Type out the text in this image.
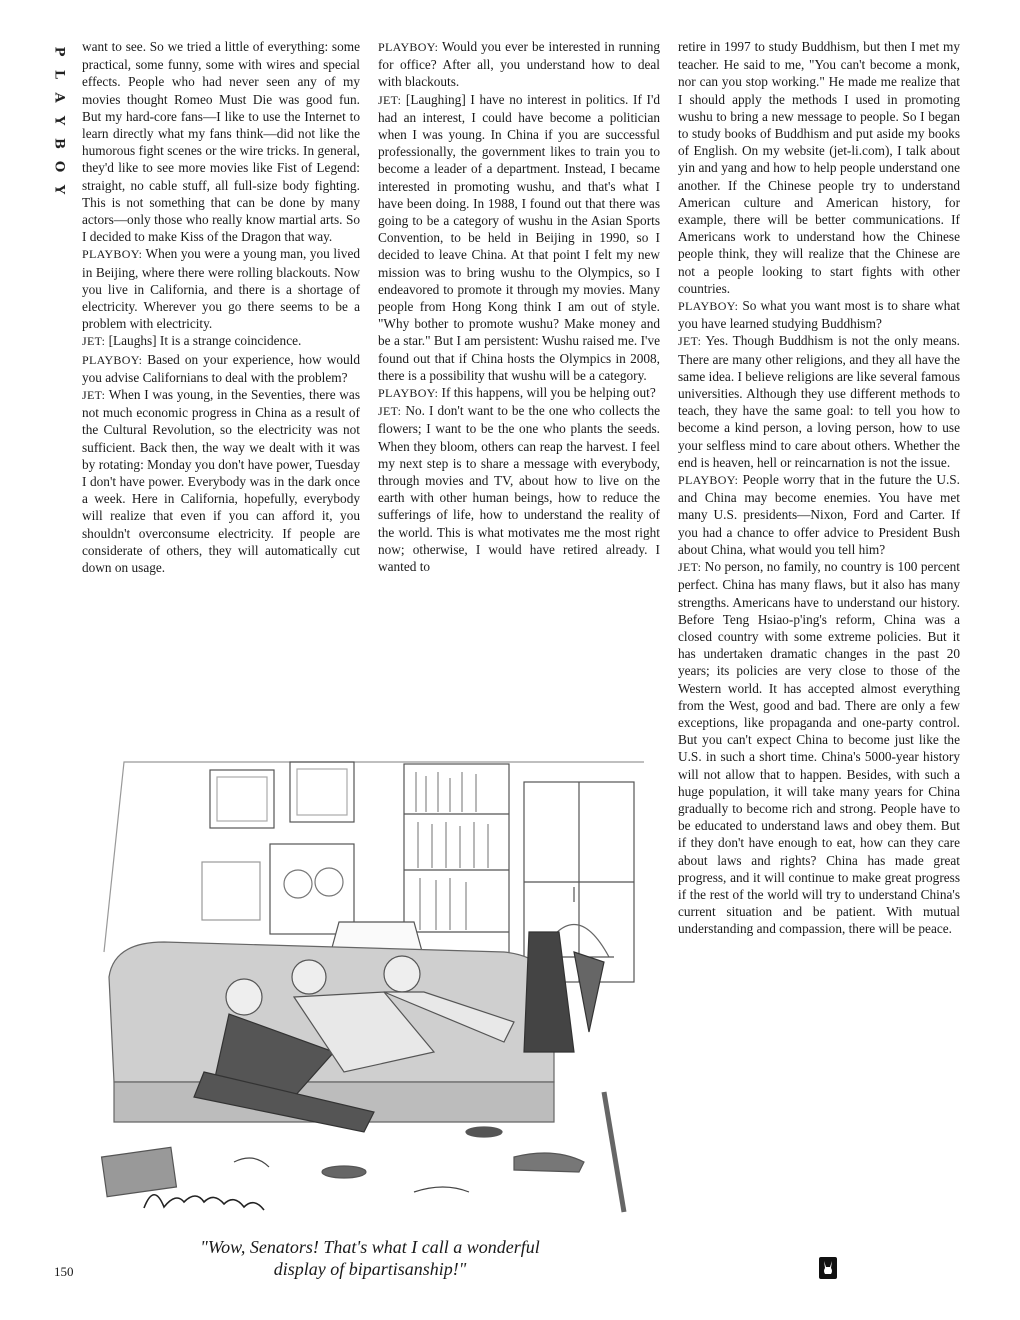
P
L
A
Y
B
O
Y

want to see. So we tried a little of everything: some practical, some funny, some with wires and special effects. People who had never seen any of my movies thought Romeo Must Die was good fun. But my hard-core fans—I like to use the Internet to learn directly what my fans think—did not like the humorous fight scenes or the wire tricks. In general, they'd like to see more movies like Fist of Legend: straight, no cable stuff, all full-size body fighting. This is not something that can be done by many actors—only those who really know martial arts. So I decided to make Kiss of the Dragon that way.

PLAYBOY: When you were a young man, you lived in Beijing, where there were rolling blackouts. Now you live in California, and there is a shortage of electricity. Wherever you go there seems to be a problem with electricity.

JET: [Laughs] It is a strange coincidence.

PLAYBOY: Based on your experience, how would you advise Californians to deal with the problem?

JET: When I was young, in the Seventies, there was not much economic progress in China as a result of the Cultural Revolution, so the electricity was not sufficient. Back then, the way we dealt with it was by rotating: Monday you don't have power, Tuesday I don't have power. Everybody was in the dark once a week. Here in California, hopefully, everybody will realize that even if you can afford it, you shouldn't overconsume electricity. If people are considerate of others, they will automatically cut down on usage.

PLAYBOY: Would you ever be interested in running for office? After all, you understand how to deal with blackouts.

JET: [Laughing] I have no interest in politics. If I'd had an interest, I could have become a politician when I was young. In China if you are successful professionally, the government likes to train you to become a leader of a department. Instead, I became interested in promoting wushu, and that's what I have been doing. In 1988, I found out that there was going to be a category of wushu in the Asian Sports Convention, to be held in Beijing in 1990, so I decided to leave China. At that point I felt my new mission was to bring wushu to the Olympics, so I endeavored to promote it through my movies. Many people from Hong Kong think I am out of style. "Why bother to promote wushu? Make money and be a star." But I am persistent: Wushu raised me. I've found out that if China hosts the Olympics in 2008, there is a possibility that wushu will be a category.

PLAYBOY: If this happens, will you be helping out?

JET: No. I don't want to be the one who collects the flowers; I want to be the one who plants the seeds. When they bloom, others can reap the harvest. I feel my next step is to share a message with everybody, through movies and TV, about how to live on the earth with other human beings, how to reduce the sufferings of life, how to understand the reality of the world. This is what motivates me the most right now; otherwise, I would have retired already. I wanted to

retire in 1997 to study Buddhism, but then I met my teacher. He said to me, "You can't become a monk, nor can you stop working." He made me realize that I should apply the methods I used in promoting wushu to bring a new message to people. So I began to study books of Buddhism and put aside my books of English. On my website (jet-li.com), I talk about yin and yang and how to help people understand one another. If the Chinese people try to understand American culture and American history, for example, there will be better communications. If Americans work to understand how the Chinese people think, they will realize that the Chinese are not a people looking to start fights with other countries.

PLAYBOY: So what you want most is to share what you have learned studying Buddhism?

JET: Yes. Though Buddhism is not the only means. There are many other religions, and they all have the same idea. I believe religions are like several famous universities. Although they use different methods to teach, they have the same goal: to tell you how to become a kind person, a loving person, how to use your selfless mind to care about others. Whether the end is heaven, hell or reincarnation is not the issue.

PLAYBOY: People worry that in the future the U.S. and China may become enemies. You have met many U.S. presidents—Nixon, Ford and Carter. If you had a chance to offer advice to President Bush about China, what would you tell him?

JET: No person, no family, no country is 100 percent perfect. China has many flaws, but it also has many strengths. Americans have to understand our history. Before Teng Hsiao-p'ing's reform, China was a closed country with some extreme policies. But it has undertaken dramatic changes in the past 20 years; its policies are very close to those of the Western world. It has accepted almost everything from the West, good and bad. There are only a few exceptions, like propaganda and one-party control. But you can't expect China to become just like the U.S. in such a short time. China's 5000-year history will not allow that to happen. Besides, with such a huge population, it will take many years for China gradually to become rich and strong. People have to be educated to understand laws and obey them. But if they don't have enough to eat, how can they care about laws and rights? China has made great progress, and it will continue to make great progress if the rest of the world will try to understand China's current situation and be patient. With mutual understanding and compassion, there will be peace.

"Wow, Senators! That's what I call a wonderful
display of bipartisanship!"
150
